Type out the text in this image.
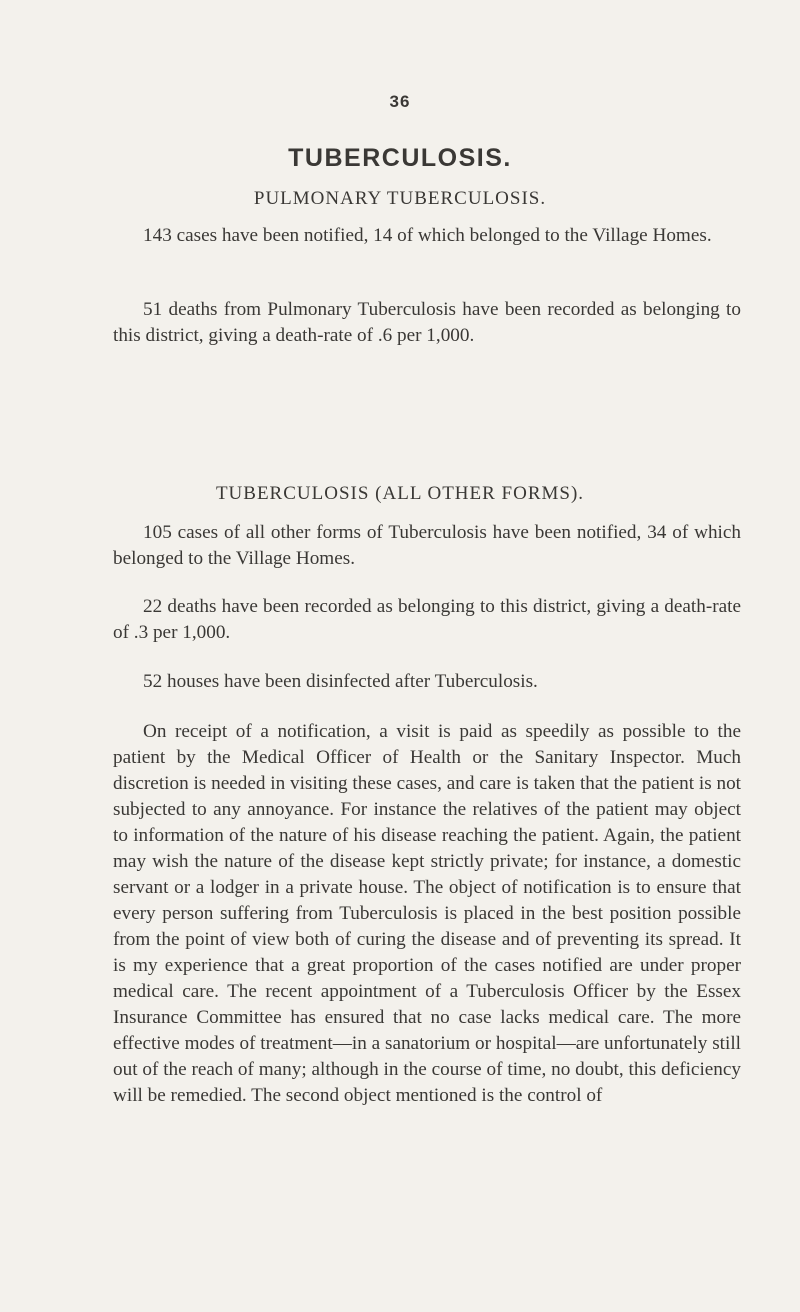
36
TUBERCULOSIS.
PULMONARY TUBERCULOSIS.

143 cases have been notified, 14 of which belonged to the Village Homes.

51 deaths from Pulmonary Tuberculosis have been recorded as belonging to this district, giving a death-rate of .6 per 1,000.

TUBERCULOSIS (ALL OTHER FORMS).

105 cases of all other forms of Tuberculosis have been notified, 34 of which belonged to the Village Homes.

22 deaths have been recorded as belonging to this district, giving a death-rate of .3 per 1,000.

52 houses have been disinfected after Tuberculosis.

On receipt of a notification, a visit is paid as speedily as possible to the patient by the Medical Officer of Health or the Sanitary Inspector. Much discretion is needed in visiting these cases, and care is taken that the patient is not subjected to any annoyance. For instance the relatives of the patient may object to information of the nature of his disease reaching the patient. Again, the patient may wish the nature of the disease kept strictly private; for instance, a domestic servant or a lodger in a private house. The object of notification is to ensure that every person suffering from Tuberculosis is placed in the best position possible from the point of view both of curing the disease and of preventing its spread. It is my experience that a great proportion of the cases notified are under proper medical care. The recent appointment of a Tuberculosis Officer by the Essex Insurance Committee has ensured that no case lacks medical care. The more effective modes of treatment—in a sanatorium or hospital—are unfortunately still out of the reach of many; although in the course of time, no doubt, this deficiency will be remedied. The second object mentioned is the control of
